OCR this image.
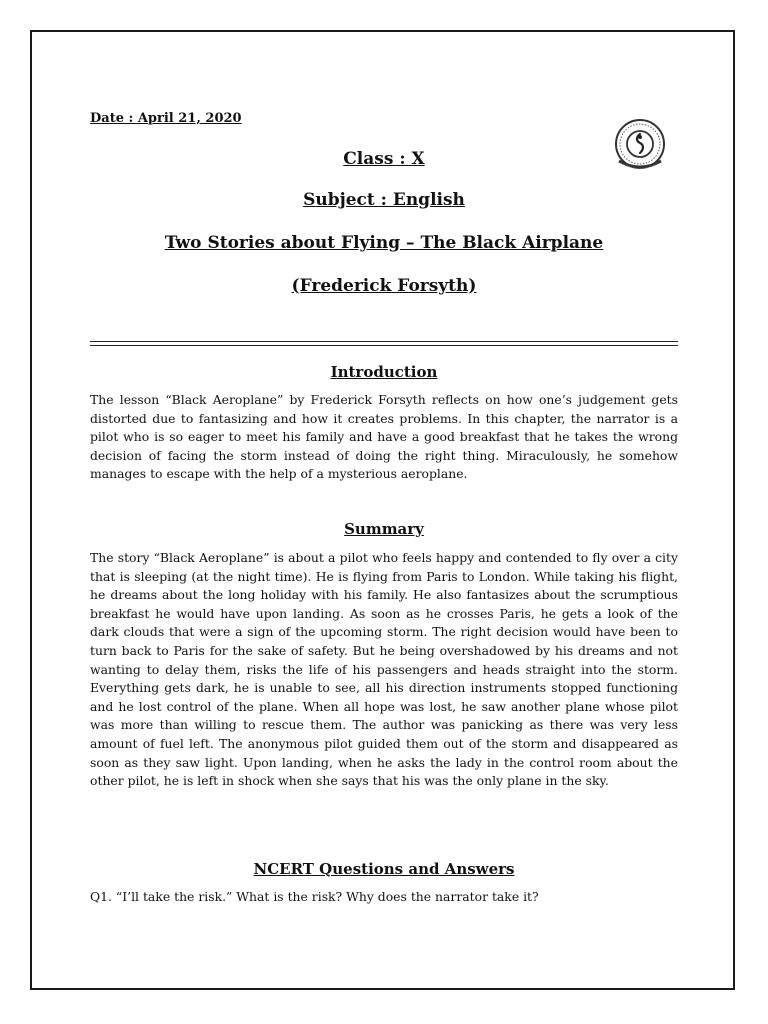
Date : April 21, 2020
Class : X
Subject : English
Two Stories about Flying – The Black Airplane
(Frederick Forsyth)
Introduction

The lesson “Black Aeroplane” by Frederick Forsyth reflects on how one’s judgement gets distorted due to fantasizing and how it creates problems. In this chapter, the narrator is a pilot who is so eager to meet his family and have a good breakfast that he takes the wrong decision of facing the storm instead of doing the right thing. Miraculously, he somehow manages to escape with the help of a mysterious aeroplane.

Summary

The story “Black Aeroplane” is about a pilot who feels happy and contended to fly over a city that is sleeping (at the night time). He is flying from Paris to London. While taking his flight, he dreams about the long holiday with his family. He also fantasizes about the scrumptious breakfast he would have upon landing. As soon as he crosses Paris, he gets a look of the dark clouds that were a sign of the upcoming storm. The right decision would have been to turn back to Paris for the sake of safety. But he being overshadowed by his dreams and not wanting to delay them, risks the life of his passengers and heads straight into the storm. Everything gets dark, he is unable to see, all his direction instruments stopped functioning and he lost control of the plane. When all hope was lost, he saw another plane whose pilot was more than willing to rescue them. The author was panicking as there was very less amount of fuel left. The anonymous pilot guided them out of the storm and disappeared as soon as they saw light. Upon landing, when he asks the lady in the control room about the other pilot, he is left in shock when she says that his was the only plane in the sky.

NCERT Questions and Answers
Q1. “I’ll take the risk.” What is the risk? Why does the narrator take it?
